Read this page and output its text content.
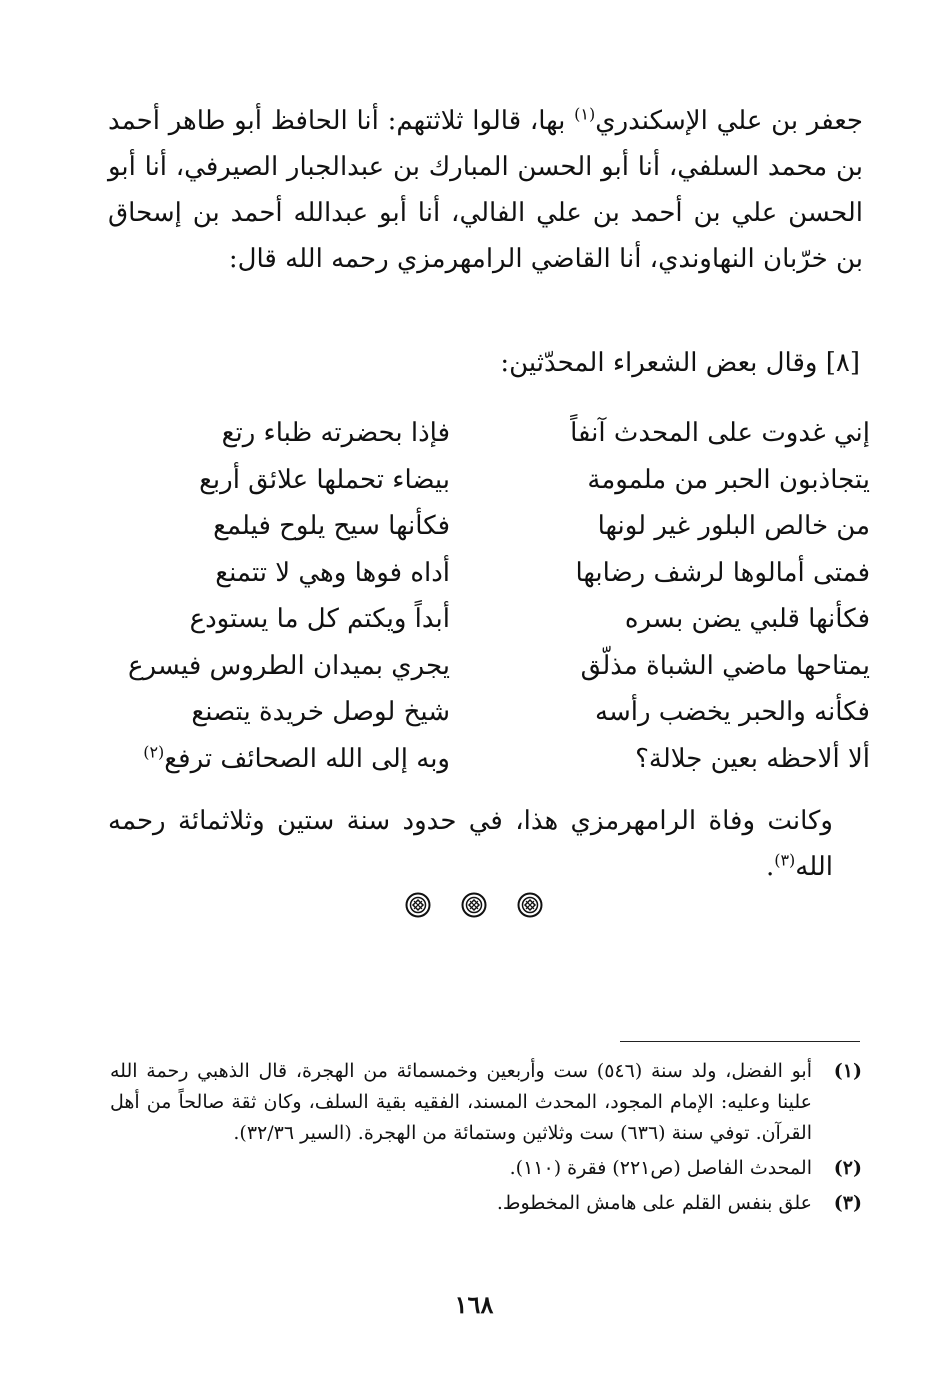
جعفر بن علي الإسكندري$^{(١)}$ بها، قالوا ثلاثتهم: أنا الحافظ أبو طاهر أحمد بن محمد السلفي، أنا أبو الحسن المبارك بن عبدالجبار الصيرفي، أنا أبو الحسن علي بن أحمد بن علي الفالي، أنا أبو عبدالله أحمد بن إسحاق بن خرّبان النهاوندي، أنا القاضي الرامهرمزي رحمه الله قال:

[٨] وقال بعض الشعراء المحدّثين:
إني غدوت على المحدث آنفاً
فإذا بحضرته ظباء رتع
يتجاذبون الحبر من ملمومة
بيضاء تحملها علائق أربع
من خالص البلور غير لونها
فكأنها سيح يلوح فيلمع
فمتى أمالوها لرشف رضابها
أداه فوها وهي لا تتمنع
فكأنها قلبي يضن بسره
أبداً ويكتم كل ما يستودع
يمتاحها ماضي الشباة مذلّق
يجري بميدان الطروس فيسرع
فكأنه والحبر يخضب رأسه
شيخ لوصل خريدة يتصنع
ألا ألاحظه بعين جلالة؟
وبه إلى الله الصحائف ترفع$^{(٢)}$

وكانت وفاة الرامهرمزي هذا، في حدود سنة ستين وثلاثمائة رحمه الله$^{(٣)}$.

(١)
أبو الفضل، ولد سنة (٥٤٦) ست وأربعين وخمسمائة من الهجرة، قال الذهبي رحمة الله علينا وعليه: الإمام المجود، المحدث المسند، الفقيه بقية السلف، وكان ثقة صالحاً من أهل القرآن. توفي سنة (٦٣٦) ست وثلاثين وستمائة من الهجرة. (السير ٣٢/٣٦).
(٢)
المحدث الفاصل (ص٢٢١) فقرة (١١٠).
(٣)
علق بنفس القلم على هامش المخطوط.
١٦٨
